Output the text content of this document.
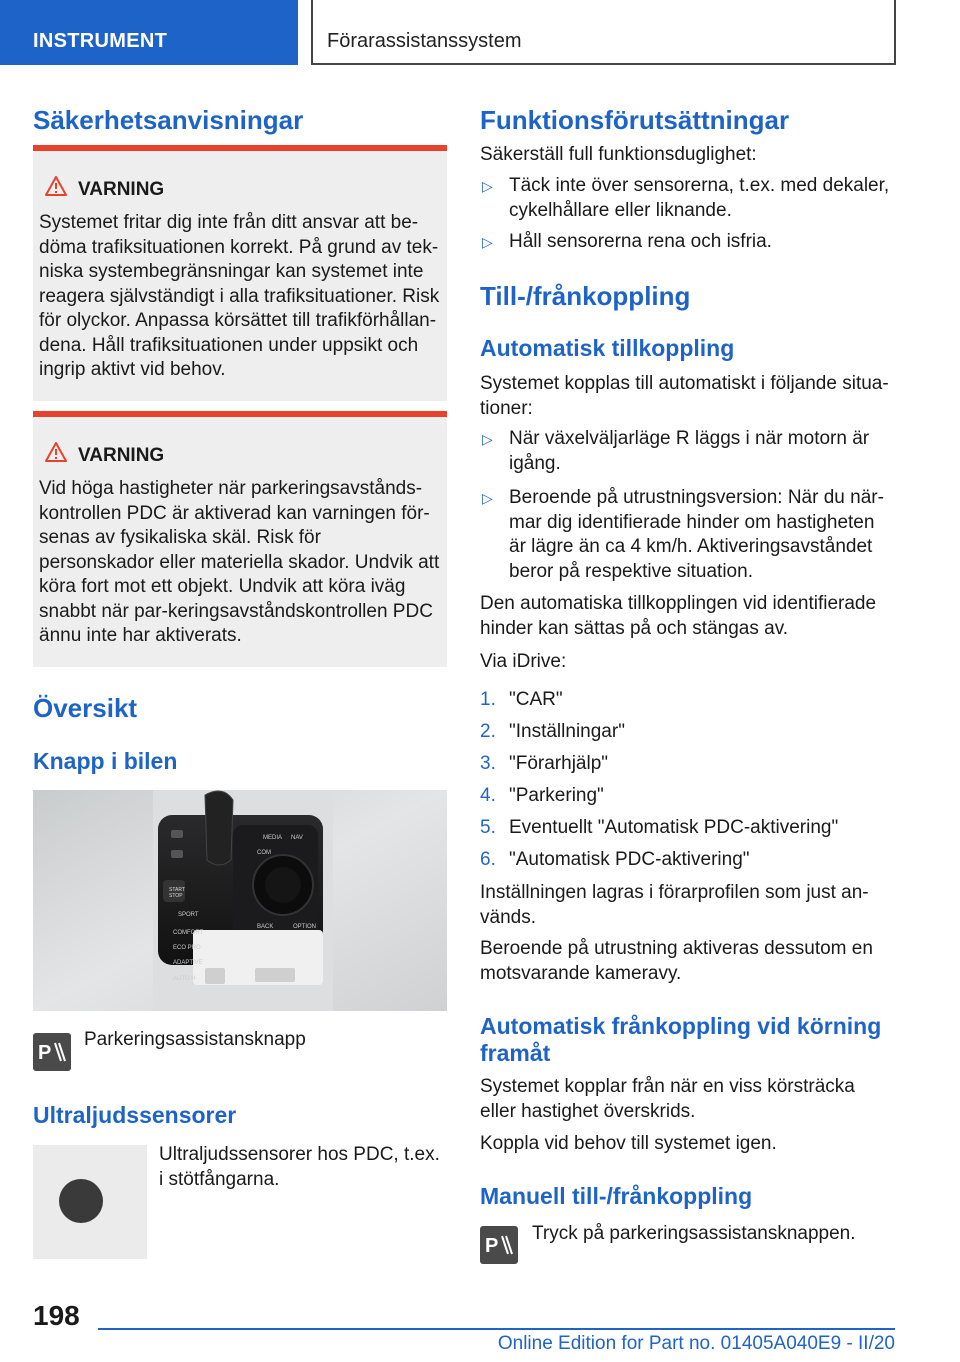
INSTRUMENT	Förarassistanssystem
Säkerhetsanvisningar
VARNING
Systemet fritar dig inte från ditt ansvar att be-döma trafiksituationen korrekt. På grund av tek-niska systembegränsningar kan systemet inte reagera självständigt i alla trafiksituationer. Risk för olyckor. Anpassa körsättet till trafikförhållan-dena. Håll trafiksituationen under uppsikt och ingrip aktivt vid behov.
VARNING
Vid höga hastigheter när parkeringsavstånds-kontrollen PDC är aktiverad kan varningen för-senas av fysikaliska skäl. Risk för personskador eller materiella skador. Undvik att köra fort mot ett objekt. Undvik att köra iväg snabbt när par-keringsavståndskontrollen PDC ännu inte har aktiverats.
Översikt
Knapp i bilen
START STOP
SPORT
COMFORT
ECO PRO
ADAPTIVE
MEDIA NAV
COM
BACK	OPTION
AUTO H
P
Parkeringsassistansknapp
Ultraljudssensorer
Ultraljudssensorer hos PDC, t.ex. i stötfångarna.
Funktionsförutsättningar
Säkerställ full funktionsduglighet:
▷ Täck inte över sensorerna, t.ex. med dekaler, cykelhållare eller liknande.
▷ Håll sensorerna rena och isfria.
Till-/frånkoppling
Automatisk tillkoppling
Systemet kopplas till automatiskt i följande situa-tioner:
▷ När växelväljarläge R läggs i när motorn är igång.
▷ Beroende på utrustningsversion: När du när-mar dig identifierade hinder om hastigheten är lägre än ca 4 km/h. Aktiveringsavståndet beror på respektive situation.
Den automatiska tillkopplingen vid identifierade hinder kan sättas på och stängas av.
Via iDrive:
1. "CAR"
2. "Inställningar"
3. "Förarhjälp"
4. "Parkering"
5. Eventuellt "Automatisk PDC-aktivering"
6. "Automatisk PDC-aktivering"
Inställningen lagras i förarprofilen som just an-vänds.
Beroende på utrustning aktiveras dessutom en motsvarande kameravy.
Automatisk frånkoppling vid körning framåt
Systemet kopplar från när en viss körsträcka eller hastighet överskrids.
Koppla vid behov till systemet igen.
Manuell till-/frånkoppling
P
Tryck på parkeringsassistansknappen.
198
Online Edition for Part no. 01405A040E9 - II/20
